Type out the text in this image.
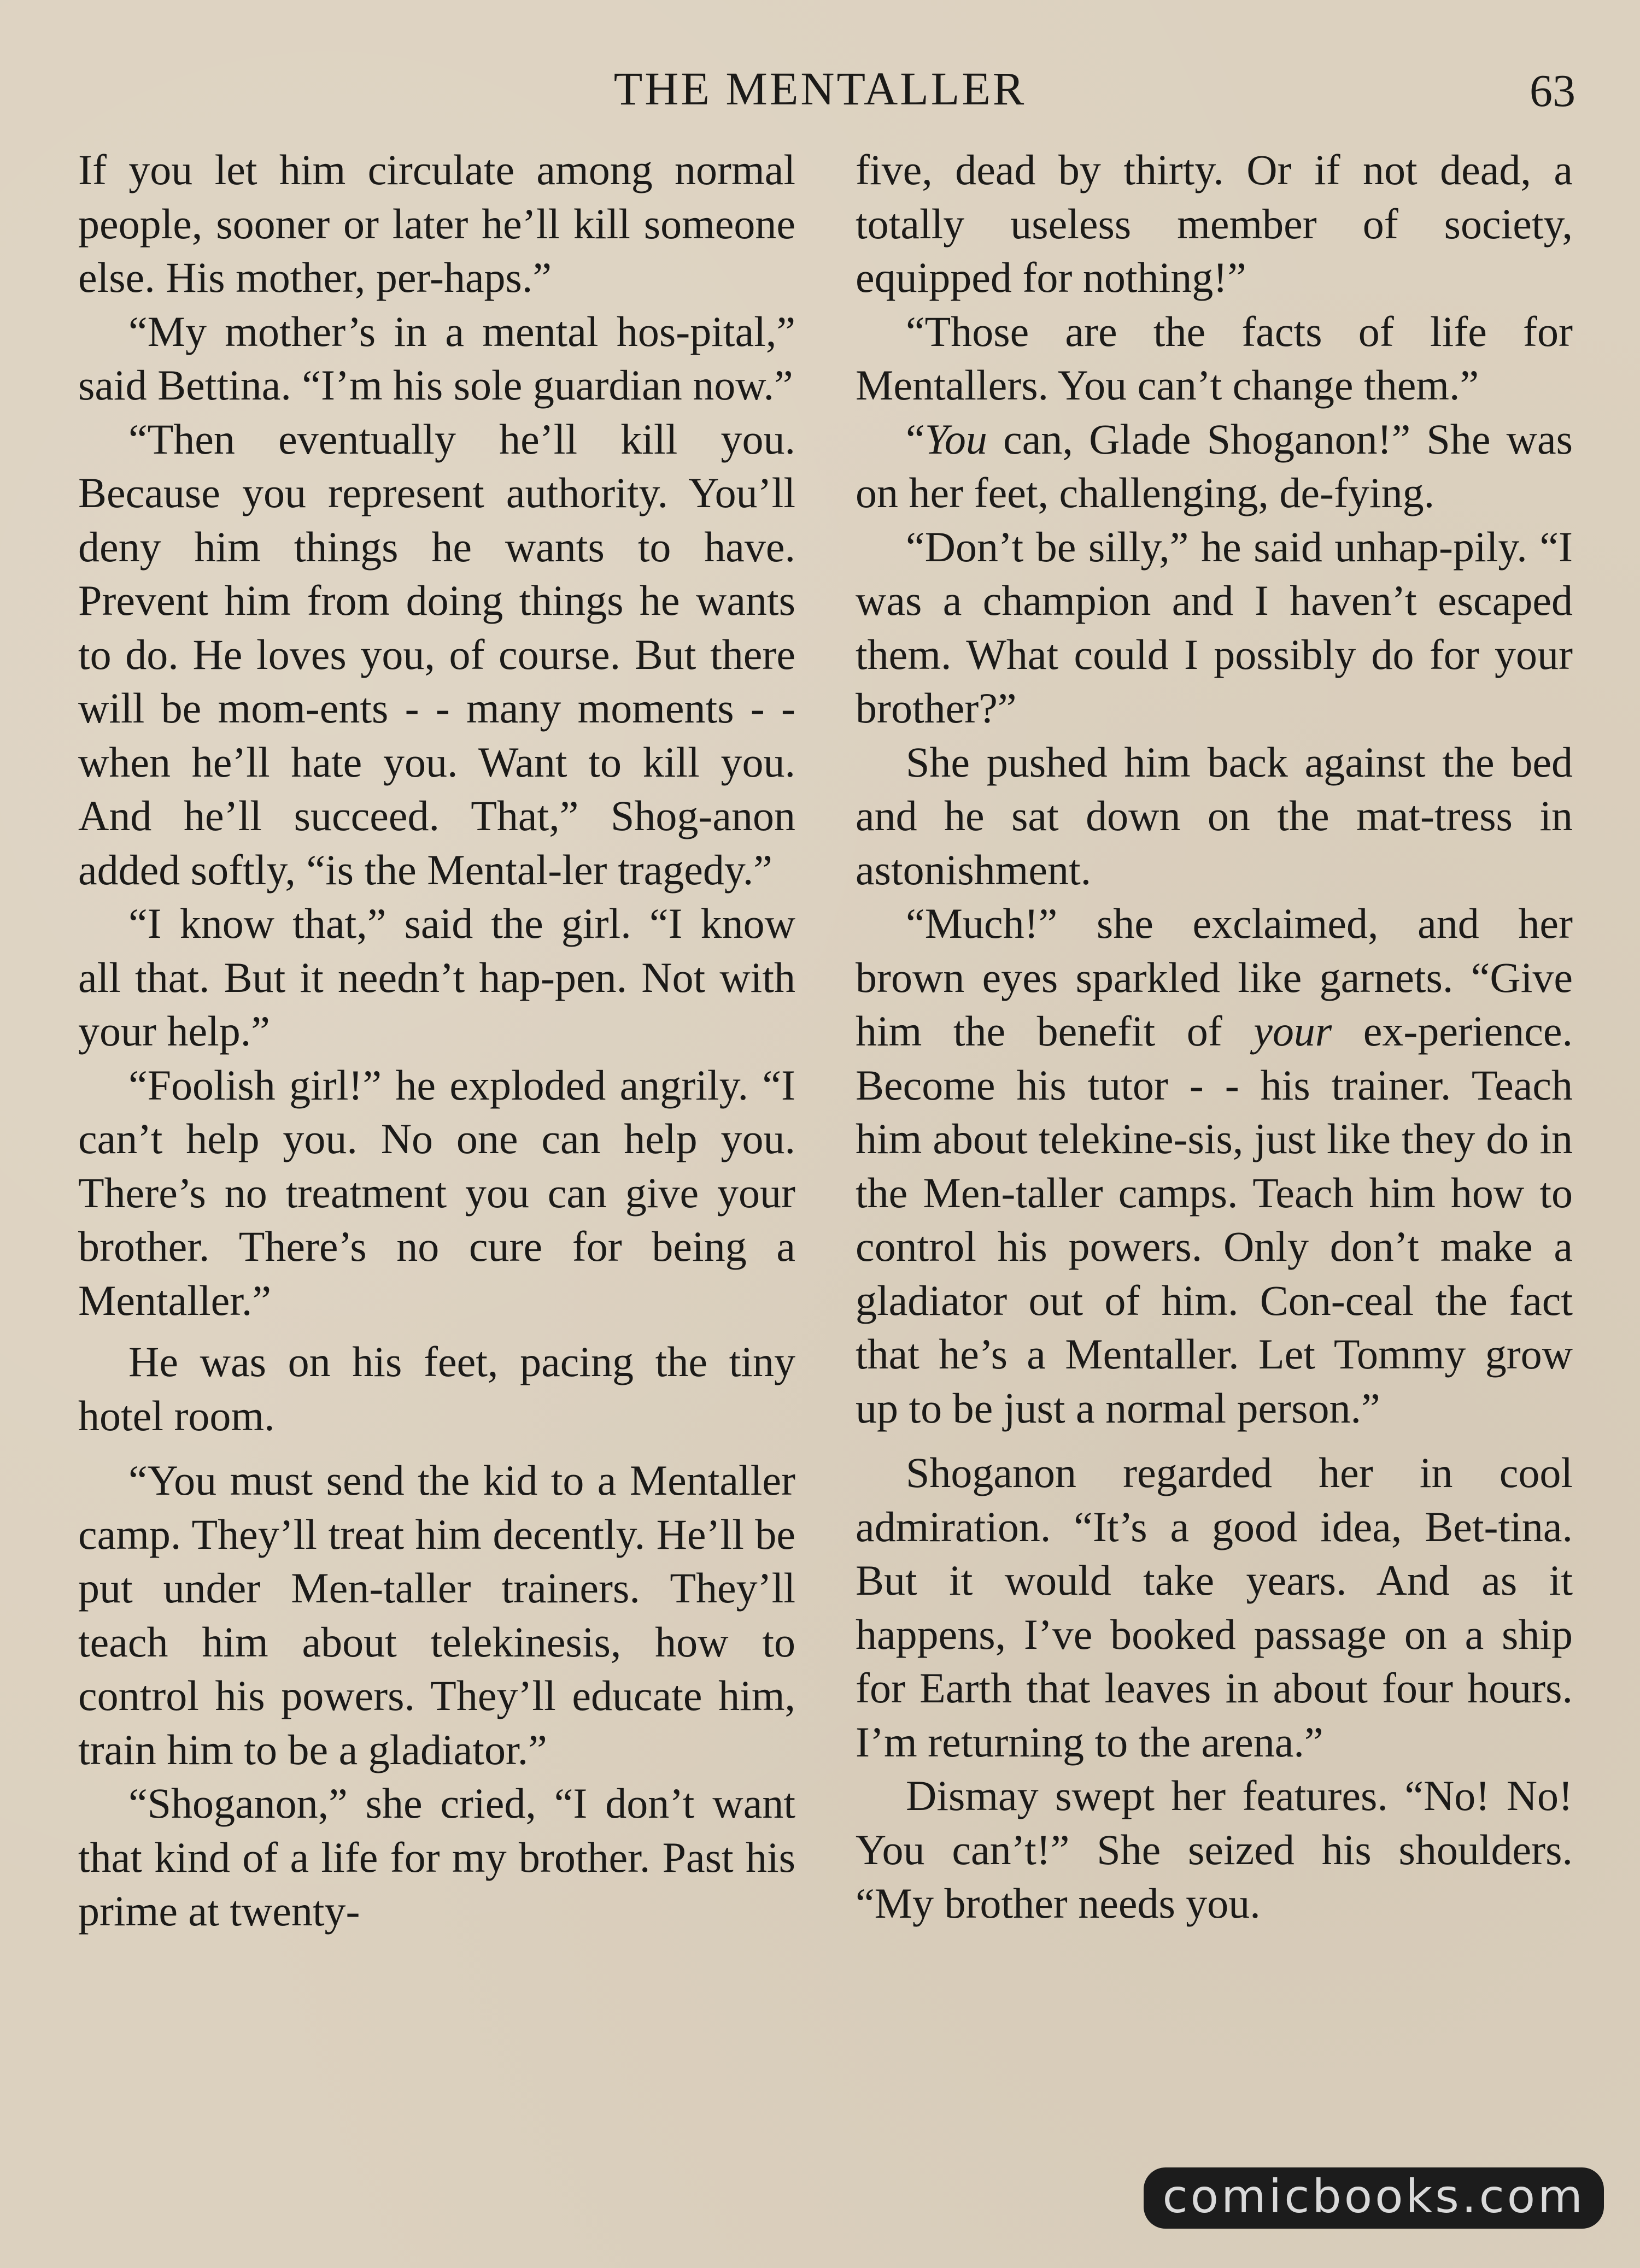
THE MENTALLER	63

If you let him circulate among normal people, sooner or later he’ll kill someone else. His mother, per-haps.”

“My mother’s in a mental hos-pital,” said Bettina. “I’m his sole guardian now.”

“Then eventually he’ll kill you. Because you represent authority. You’ll deny him things he wants to have. Prevent him from doing things he wants to do. He loves you, of course. But there will be mom-ents - - many moments - - when he’ll hate you. Want to kill you. And he’ll succeed. That,” Shog-anon added softly, “is the Mental-ler tragedy.”

“I know that,” said the girl. “I know all that. But it needn’t hap-pen. Not with your help.”

“Foolish girl!” he exploded angrily. “I can’t help you. No one can help you. There’s no treatment you can give your brother. There’s no cure for being a Mentaller.”

He was on his feet, pacing the tiny hotel room.

“You must send the kid to a Mentaller camp. They’ll treat him decently. He’ll be put under Men-taller trainers. They’ll teach him about telekinesis, how to control his powers. They’ll educate him, train him to be a gladiator.”

“Shoganon,” she cried, “I don’t want that kind of a life for my brother. Past his prime at twenty-

five, dead by thirty. Or if not dead, a totally useless member of society, equipped for nothing!”

“Those are the facts of life for Mentallers. You can’t change them.”

“You can, Glade Shoganon!” She was on her feet, challenging, de-fying.

“Don’t be silly,” he said unhap-pily. “I was a champion and I haven’t escaped them. What could I possibly do for your brother?”

She pushed him back against the bed and he sat down on the mat-tress in astonishment.

“Much!” she exclaimed, and her brown eyes sparkled like garnets. “Give him the benefit of your ex-perience. Become his tutor - - his trainer. Teach him about telekine-sis, just like they do in the Men-taller camps. Teach him how to control his powers. Only don’t make a gladiator out of him. Con-ceal the fact that he’s a Mentaller. Let Tommy grow up to be just a normal person.”

Shoganon regarded her in cool admiration. “It’s a good idea, Bet-tina. But it would take years. And as it happens, I’ve booked passage on a ship for Earth that leaves in about four hours. I’m returning to the arena.”

Dismay swept her features. “No! No! You can’t!” She seized his shoulders. “My brother needs you.

comicbooks.com
